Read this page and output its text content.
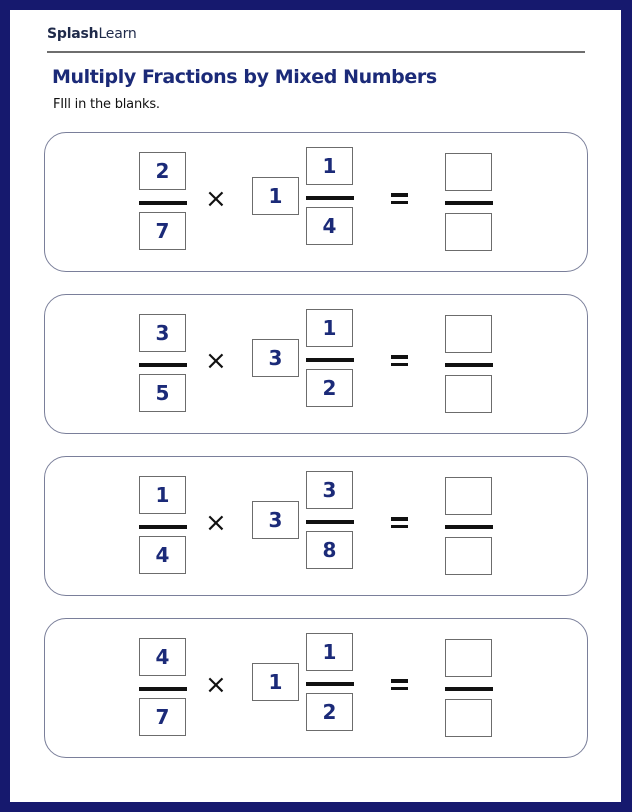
SplashLearn
Multiply Fractions by Mixed Numbers
FIll in the blanks.
2
7
×	1
1
4
3
5
×	3
1
2
1
4
×	3
3
8
4
7
×	1
1
2
